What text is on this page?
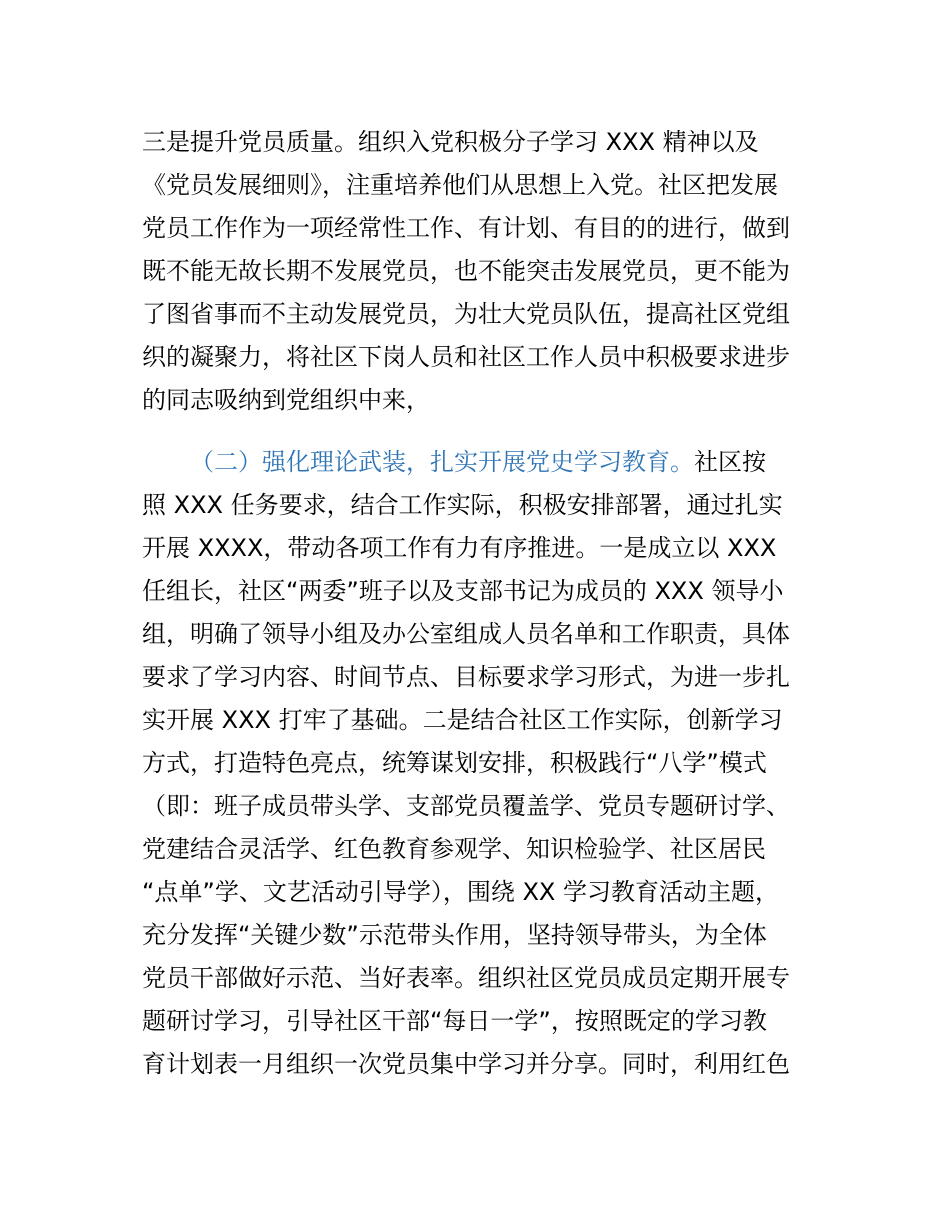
三是提升党员质量。组织入党积极分子学习 XXX 精神以及
《党员发展细则》，注重培养他们从思想上入党。社区把发展
党员工作作为一项经常性工作、有计划、有目的的进行，做到
既不能无故长期不发展党员，也不能突击发展党员，更不能为
了图省事而不主动发展党员，为壮大党员队伍，提高社区党组
织的凝聚力，将社区下岗人员和社区工作人员中积极要求进步
的同志吸纳到党组织中来，
（二）强化理论武装，扎实开展党史学习教育。社区按
照 XXX 任务要求，结合工作实际，积极安排部署，通过扎实
开展 XXXX，带动各项工作有力有序推进。一是成立以 XXX
任组长，社区“两委”班子以及支部书记为成员的 XXX 领导小
组，明确了领导小组及办公室组成人员名单和工作职责，具体
要求了学习内容、时间节点、目标要求学习形式，为进一步扎
实开展 XXX 打牢了基础。二是结合社区工作实际，创新学习
方式，打造特色亮点，统筹谋划安排，积极践行“八学”模式
（即：班子成员带头学、支部党员覆盖学、党员专题研讨学、
党建结合灵活学、红色教育参观学、知识检验学、社区居民
“点单”学、文艺活动引导学），围绕 XX 学习教育活动主题，
充分发挥“关键少数”示范带头作用，坚持领导带头，为全体
党员干部做好示范、当好表率。组织社区党员成员定期开展专
题研讨学习，引导社区干部“每日一学”，按照既定的学习教
育计划表一月组织一次党员集中学习并分享。同时，利用红色
